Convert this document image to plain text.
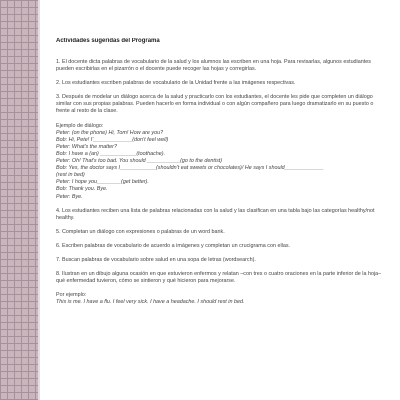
Actividades sugeridas del Programa

1. El docente dicta palabras de vocabulario de la salud y los alumnos las escriben en una hoja. Para revisarlas, algunos estudiantes pueden escribirlas en el pizarrón o el docente puede recoger las hojas y corregirlas.

2. Los estudiantes escriben palabras de vocabulario de la Unidad frente a las imágenes respectivas.

3. Después de modelar un diálogo acerca de la salud y practicarlo con los estudiantes, el docente les pide que completen un diálogo similar con sus propias palabras. Pueden hacerlo en forma individual o con algún compañero para luego dramatizarlo en su puesto o frente al resto de la clase.

Ejemplo de diálogo:
Peter: (on the phone) Hi, Tom! How are you?
Bob: Hi, Pete! I'_____________(don't feel well)
Peter: What's the matter?
Bob: I have a (an) ____________(toothache).
Peter: Oh! That's too bad. You should ___________(go to the dentist)
Bob: Yes, the doctor says I____________(shouldn't eat sweets or chocolates)/ He says I should_____________
(rest in bed)
Peter: I hope you________(get better).
Bob: Thank you. Bye.
Peter: Bye.

4. Los estudiantes reciben una lista de palabras relacionadas con la salud y las clasifican en una tabla bajo las categorías healthy/not healthy.

5. Completan un diálogo con expresiones o palabras de un word bank.

6. Escriben palabras de vocabulario de acuerdo a imágenes y completan un crucigrama con ellas.

7. Buscan palabras de vocabulario sobre salud en una sopa de letras (wordsearch).

8. Ilustran en un dibujo alguna ocasión en que estuvieron enfermos y relatan –con tres o cuatro oraciones en la parte inferior de la hoja– qué enfermedad tuvieron, cómo se sintieron y qué hicieron para mejorarse.

Por ejemplo:
This is me. I have a flu. I feel very sick. I have a headache. I should rest in bed.
